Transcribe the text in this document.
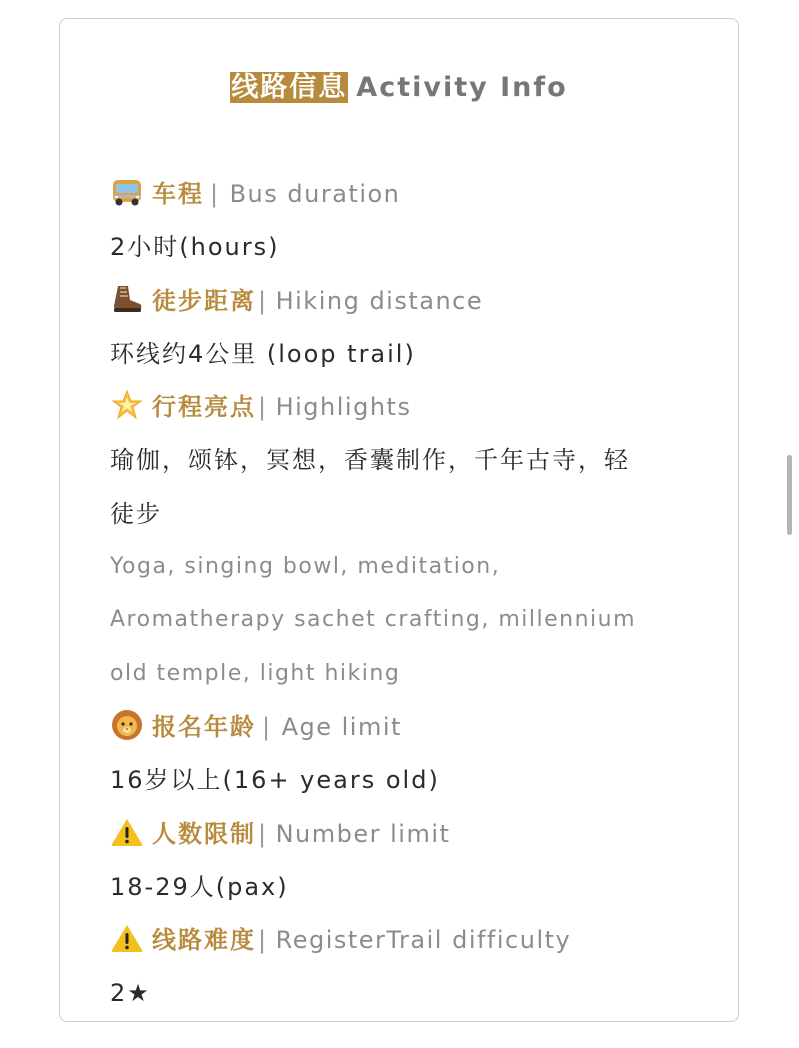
线路信息 Activity Info
车程 | Bus duration
2小时(hours)
徒步距离| Hiking distance
环线约4公里 (loop trail)
行程亮点| Highlights
瑜伽，颂钵，冥想，香囊制作，千年古寺，轻
徒步
Yoga, singing bowl, meditation,
Aromatherapy sachet crafting, millennium
old temple, light hiking
报名年龄 | Age limit
16岁以上(16+ years old)
人数限制| Number limit
18-29人(pax)
线路难度| RegisterTrail difficulty
2★
